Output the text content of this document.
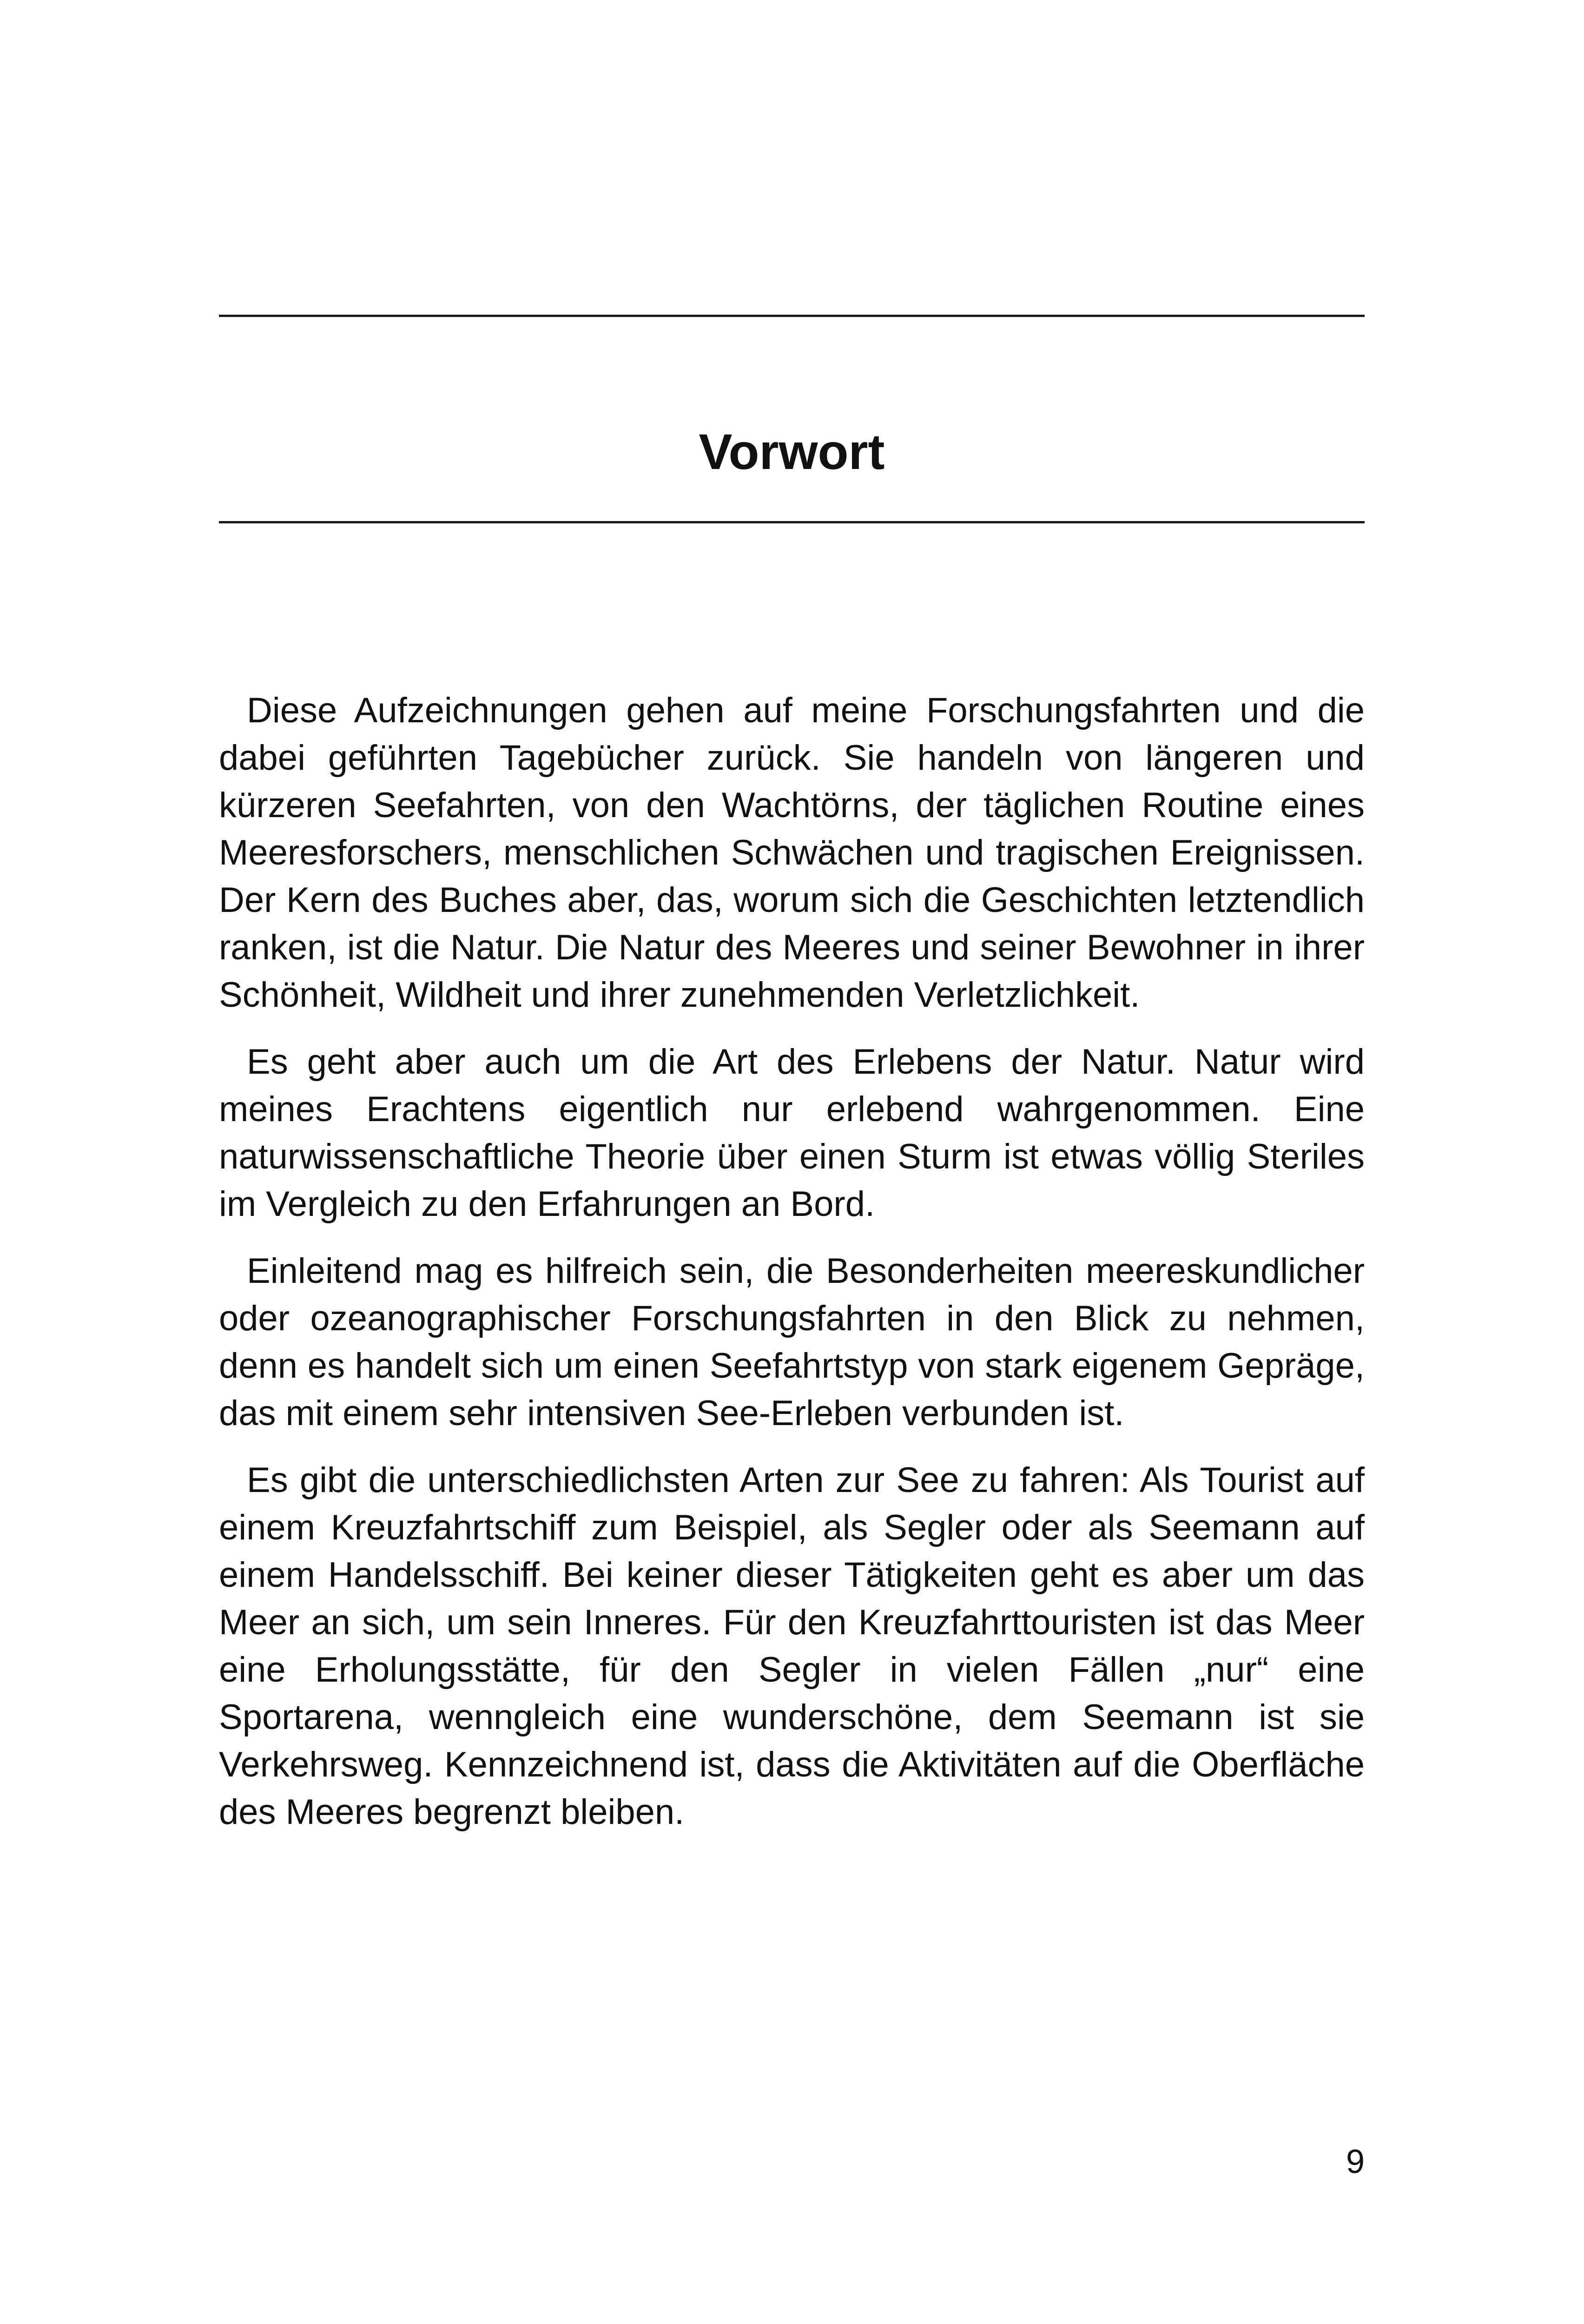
Vorwort

Diese Aufzeichnungen gehen auf meine Forschungsfahrten und die dabei geführten Tagebücher zurück. Sie handeln von längeren und kürzeren Seefahrten, von den Wachtörns, der täglichen Routine eines Meeresforschers, menschlichen Schwächen und tragischen Ereignissen. Der Kern des Buches aber, das, worum sich die Geschichten letztendlich ranken, ist die Natur. Die Natur des Meeres und seiner Bewohner in ihrer Schönheit, Wildheit und ihrer zunehmenden Verletzlichkeit.

Es geht aber auch um die Art des Erlebens der Natur. Natur wird meines Erachtens eigentlich nur erlebend wahrgenommen. Eine naturwissenschaftliche Theorie über einen Sturm ist etwas völlig Steriles im Vergleich zu den Erfahrungen an Bord.

Einleitend mag es hilfreich sein, die Besonderheiten meereskundlicher oder ozeanographischer Forschungsfahrten in den Blick zu nehmen, denn es handelt sich um einen Seefahrtstyp von stark eigenem Gepräge, das mit einem sehr intensiven See-Erleben verbunden ist.

Es gibt die unterschiedlichsten Arten zur See zu fahren: Als Tourist auf einem Kreuzfahrtschiff zum Beispiel, als Segler oder als Seemann auf einem Handelsschiff. Bei keiner dieser Tätigkeiten geht es aber um das Meer an sich, um sein Inneres. Für den Kreuzfahrttouristen ist das Meer eine Erholungsstätte, für den Segler in vielen Fällen „nur“ eine Sportarena, wenngleich eine wunderschöne, dem Seemann ist sie Verkehrsweg. Kennzeichnend ist, dass die Aktivitäten auf die Oberfläche des Meeres begrenzt bleiben.

9
